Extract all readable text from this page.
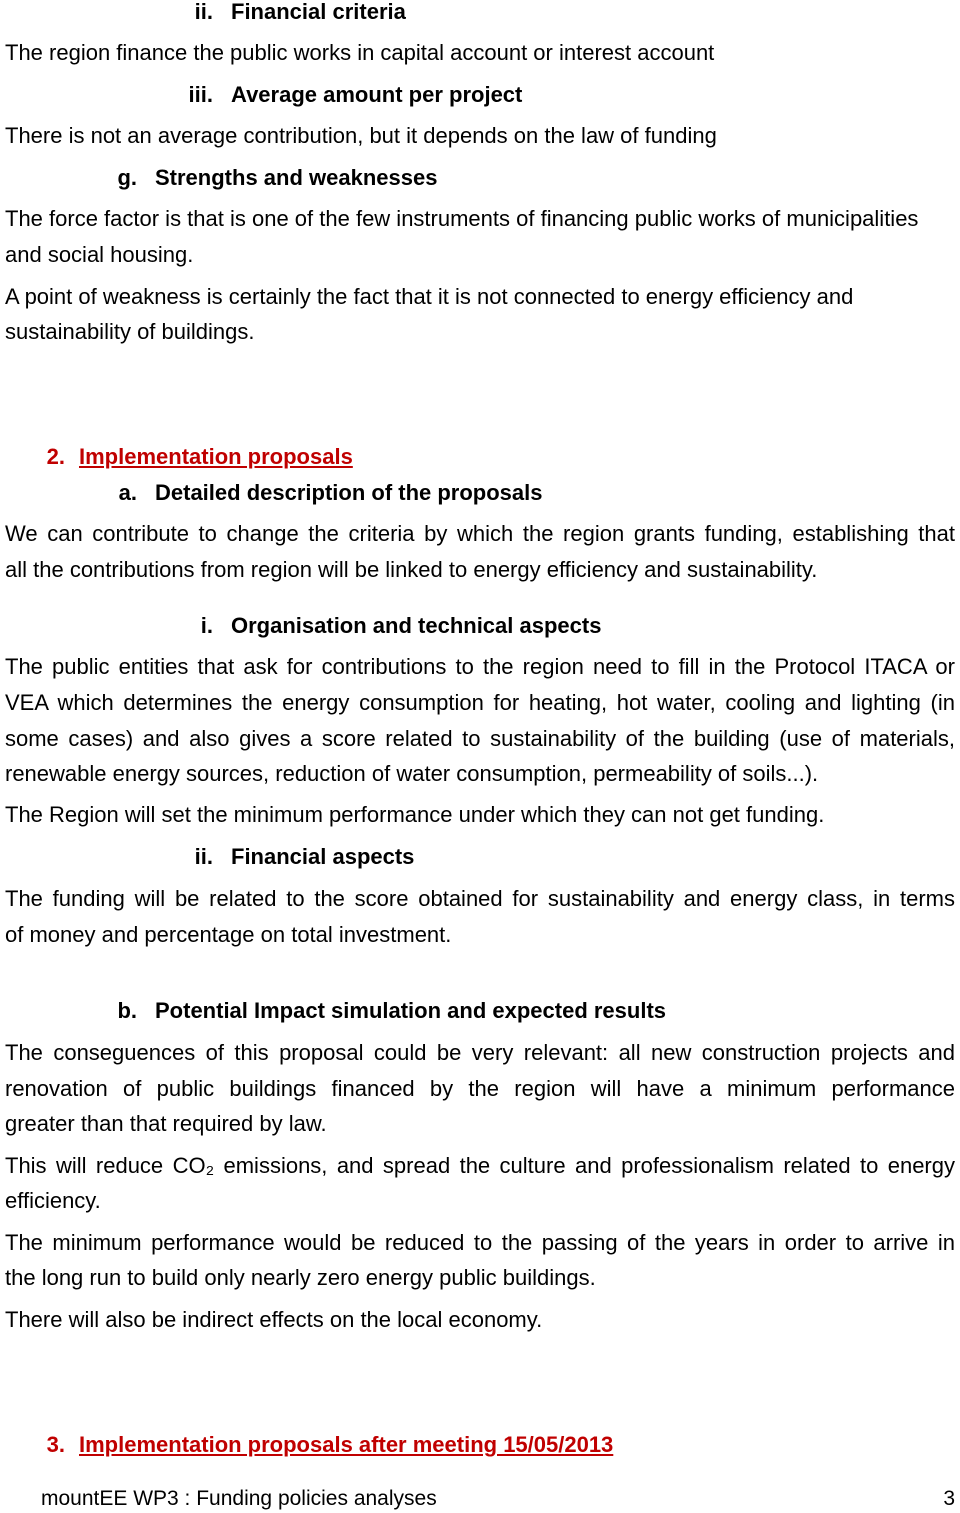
ii. Financial criteria
The region finance the public works in capital account or interest account
iii. Average amount per project
There is not an average contribution, but it depends on the law of funding
g. Strengths and weaknesses
The force factor is that is one of the few instruments of financing public works of municipalities
and social housing.
A point of weakness is certainly the fact that it is not connected to energy efficiency and
sustainability of buildings.
2. Implementation proposals
a. Detailed description of the proposals
We can contribute to change the criteria by which the region grants funding, establishing that
all the contributions from region will be linked to energy efficiency and sustainability.
i. Organisation and technical aspects
The public entities that ask for contributions to the region need to fill in the Protocol ITACA or
VEA which determines the energy consumption for heating, hot water, cooling and lighting (in
some cases) and also gives a score related to sustainability of the building (use of materials,
renewable energy sources, reduction of water consumption, permeability of soils...).
The Region will set the minimum performance under which they can not get funding.
ii. Financial aspects
The funding will be related to the score obtained for sustainability and energy class, in terms
of money and percentage on total investment.
b. Potential Impact simulation and expected results
The conseguences of this proposal could be very relevant: all new construction projects and
renovation of public buildings financed by the region will have a minimum performance
greater than that required by law.
This will reduce CO₂ emissions, and spread the culture and professionalism related to energy
efficiency.
The minimum performance would be reduced to the passing of the years in order to arrive in
the long run to build only nearly zero energy public buildings.
There will also be indirect effects on the local economy.
3. Implementation proposals after meeting 15/05/2013
mountEE WP3 : Funding policies analyses	3
